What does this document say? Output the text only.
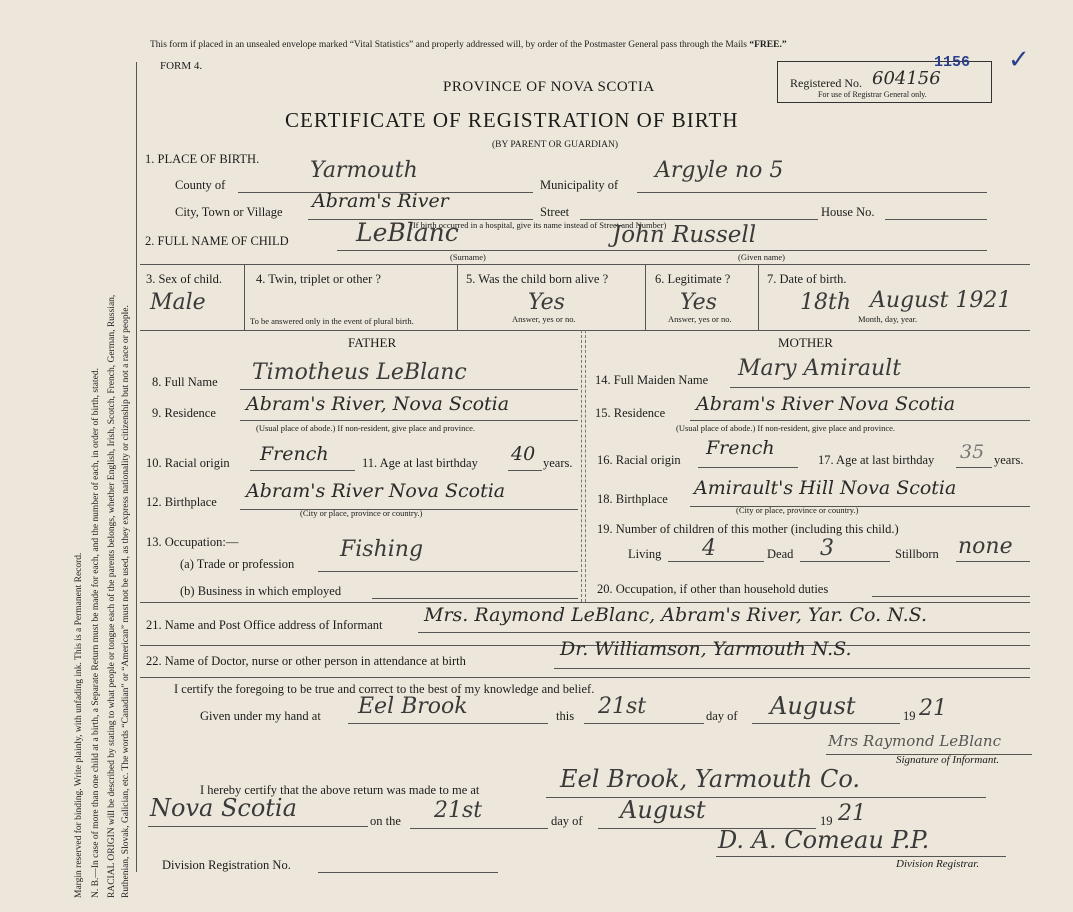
Margin reserved for binding. Write plainly, with unfading ink. This is a Permanent Record. N. B.—In case of more than one child at a birth, a Separate Return must be made for each, and the number of each, in order of birth, stated. RACIAL ORIGIN will be described by stating to what people or tongue each of the parents belongs, whether English, Irish, Scotch, French, German, Russian, Ruthenian, Slovak, Galician, etc. The words “Canadian” or “American” must not be used, as they express nationality or citizenship but not a race or people.
This form if placed in an unsealed envelope marked “Vital Statistics” and properly addressed will, by order of the Postmaster General pass through the Mails “FREE.”
FORM 4.
PROVINCE OF NOVA SCOTIA
CERTIFICATE OF REGISTRATION OF BIRTH
(BY PARENT OR GUARDIAN)
Registered No. 604156
1156 ✓
For use of Registrar General only.
1. PLACE OF BIRTH.
County of
Yarmouth
Municipality of
Argyle no 5
City, Town or Village Abram's River	Street	House No.
(If birth occurred in a hospital, give its name instead of Street and Number)
2. FULL NAME OF CHILD	LeBlanc	John Russell
(Surname)	(Given name)
3. Sex of child.
Male
4. Twin, triplet or other ?
To be answered only in the event of plural birth.
5. Was the child born alive ?
Yes
Answer, yes or no.
6. Legitimate ?
Yes
Answer, yes or no.
7. Date of birth.
18th August 1921
Month, day, year.
FATHER	MOTHER
8. Full Name Timotheus LeBlanc
9. Residence Abram's River, Nova Scotia
(Usual place of abode.) If non-resident, give place and province.
10. Racial origin French	11. Age at last birthday 40 years.
12. Birthplace Abram's River Nova Scotia
(City or place, province or country.)
13. Occupation:—
(a) Trade or profession
Fishing
(b) Business in which employed
14. Full Maiden Name Mary Amirault
15. Residence Abram's River Nova Scotia
(Usual place of abode.) If non-resident, give place and province.
16. Racial origin
French
17. Age at last birthday 35 years.
18. Birthplace Amirault's Hill Nova Scotia
(City or place, province or country.)
19. Number of children of this mother (including this child.)
Living 4	Dead 3	Stillborn none
20. Occupation, if other than household duties
21. Name and Post Office address of Informant Mrs. Raymond LeBlanc, Abram's River, Yar. Co. N.S.
22. Name of Doctor, nurse or other person in attendance at birth
Dr. Williamson, Yarmouth N.S.
I certify the foregoing to be true and correct to the best of my knowledge and belief.
Given under my hand at Eel Brook	this 21st	day of August	19 21
Mrs Raymond LeBlanc
Signature of Informant.
I hereby certify that the above return was made to me at	Eel Brook, Yarmouth Co.
Nova Scotia	on the 21st	day of August	19 21
Division Registration No.
D. A. Comeau P.P.
Division Registrar.
